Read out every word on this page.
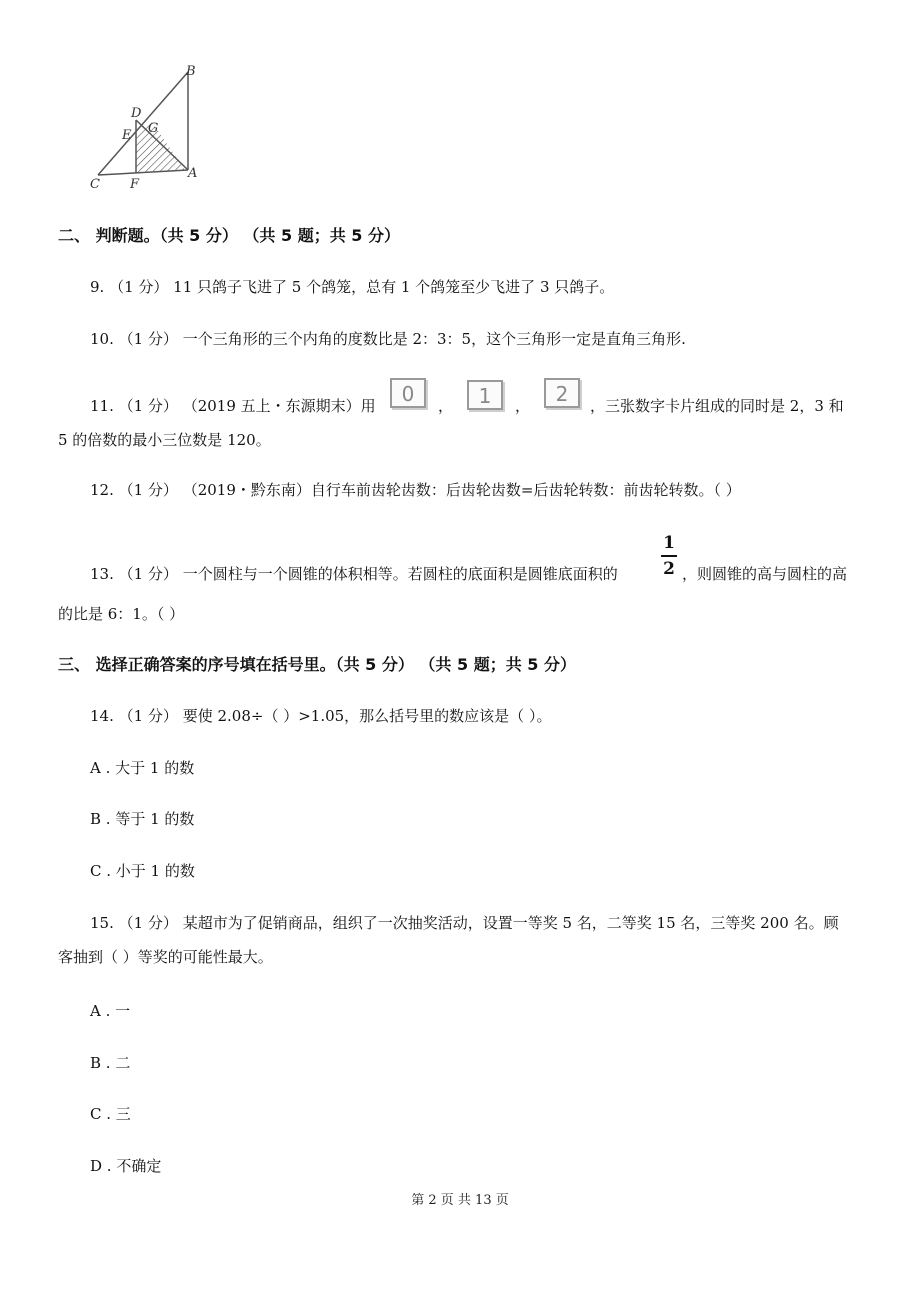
B
D
E G
C F
A
二、 判断题。（共 5 分） （共 5 题；共 5 分）
9. （1 分） 11 只鸽子飞进了 5 个鸽笼，总有 1 个鸽笼至少飞进了 3 只鸽子。
10. （1 分） 一个三角形的三个内角的度数比是 2：3：5，这个三角形一定是直角三角形.
11. （1 分） （2019 五上・东源期末）用	0	，	1	，	2	，三张数字卡片组成的同时是 2，3 和
5 的倍数的最小三位数是 120。
12. （1 分） （2019・黔东南）自行车前齿轮齿数：后齿轮齿数=后齿轮转数：前齿轮转数。（ ）
13. （1 分） 一个圆柱与一个圆锥的体积相等。若圆柱的底面积是圆锥底面积的
1
2 ，则圆锥的高与圆柱的高
的比是 6：1。（ ）
三、 选择正确答案的序号填在括号里。（共 5 分） （共 5 题；共 5 分）
14. （1 分） 要使 2.08÷（ ）>1.05，那么括号里的数应该是（ ）。
A . 大于 1 的数
B . 等于 1 的数
C . 小于 1 的数
15. （1 分） 某超市为了促销商品，组织了一次抽奖活动，设置一等奖 5 名，二等奖 15 名，三等奖 200 名。顾
客抽到（ ）等奖的可能性最大。
A . 一
B . 二
C . 三
D . 不确定
第 2 页 共 13 页
